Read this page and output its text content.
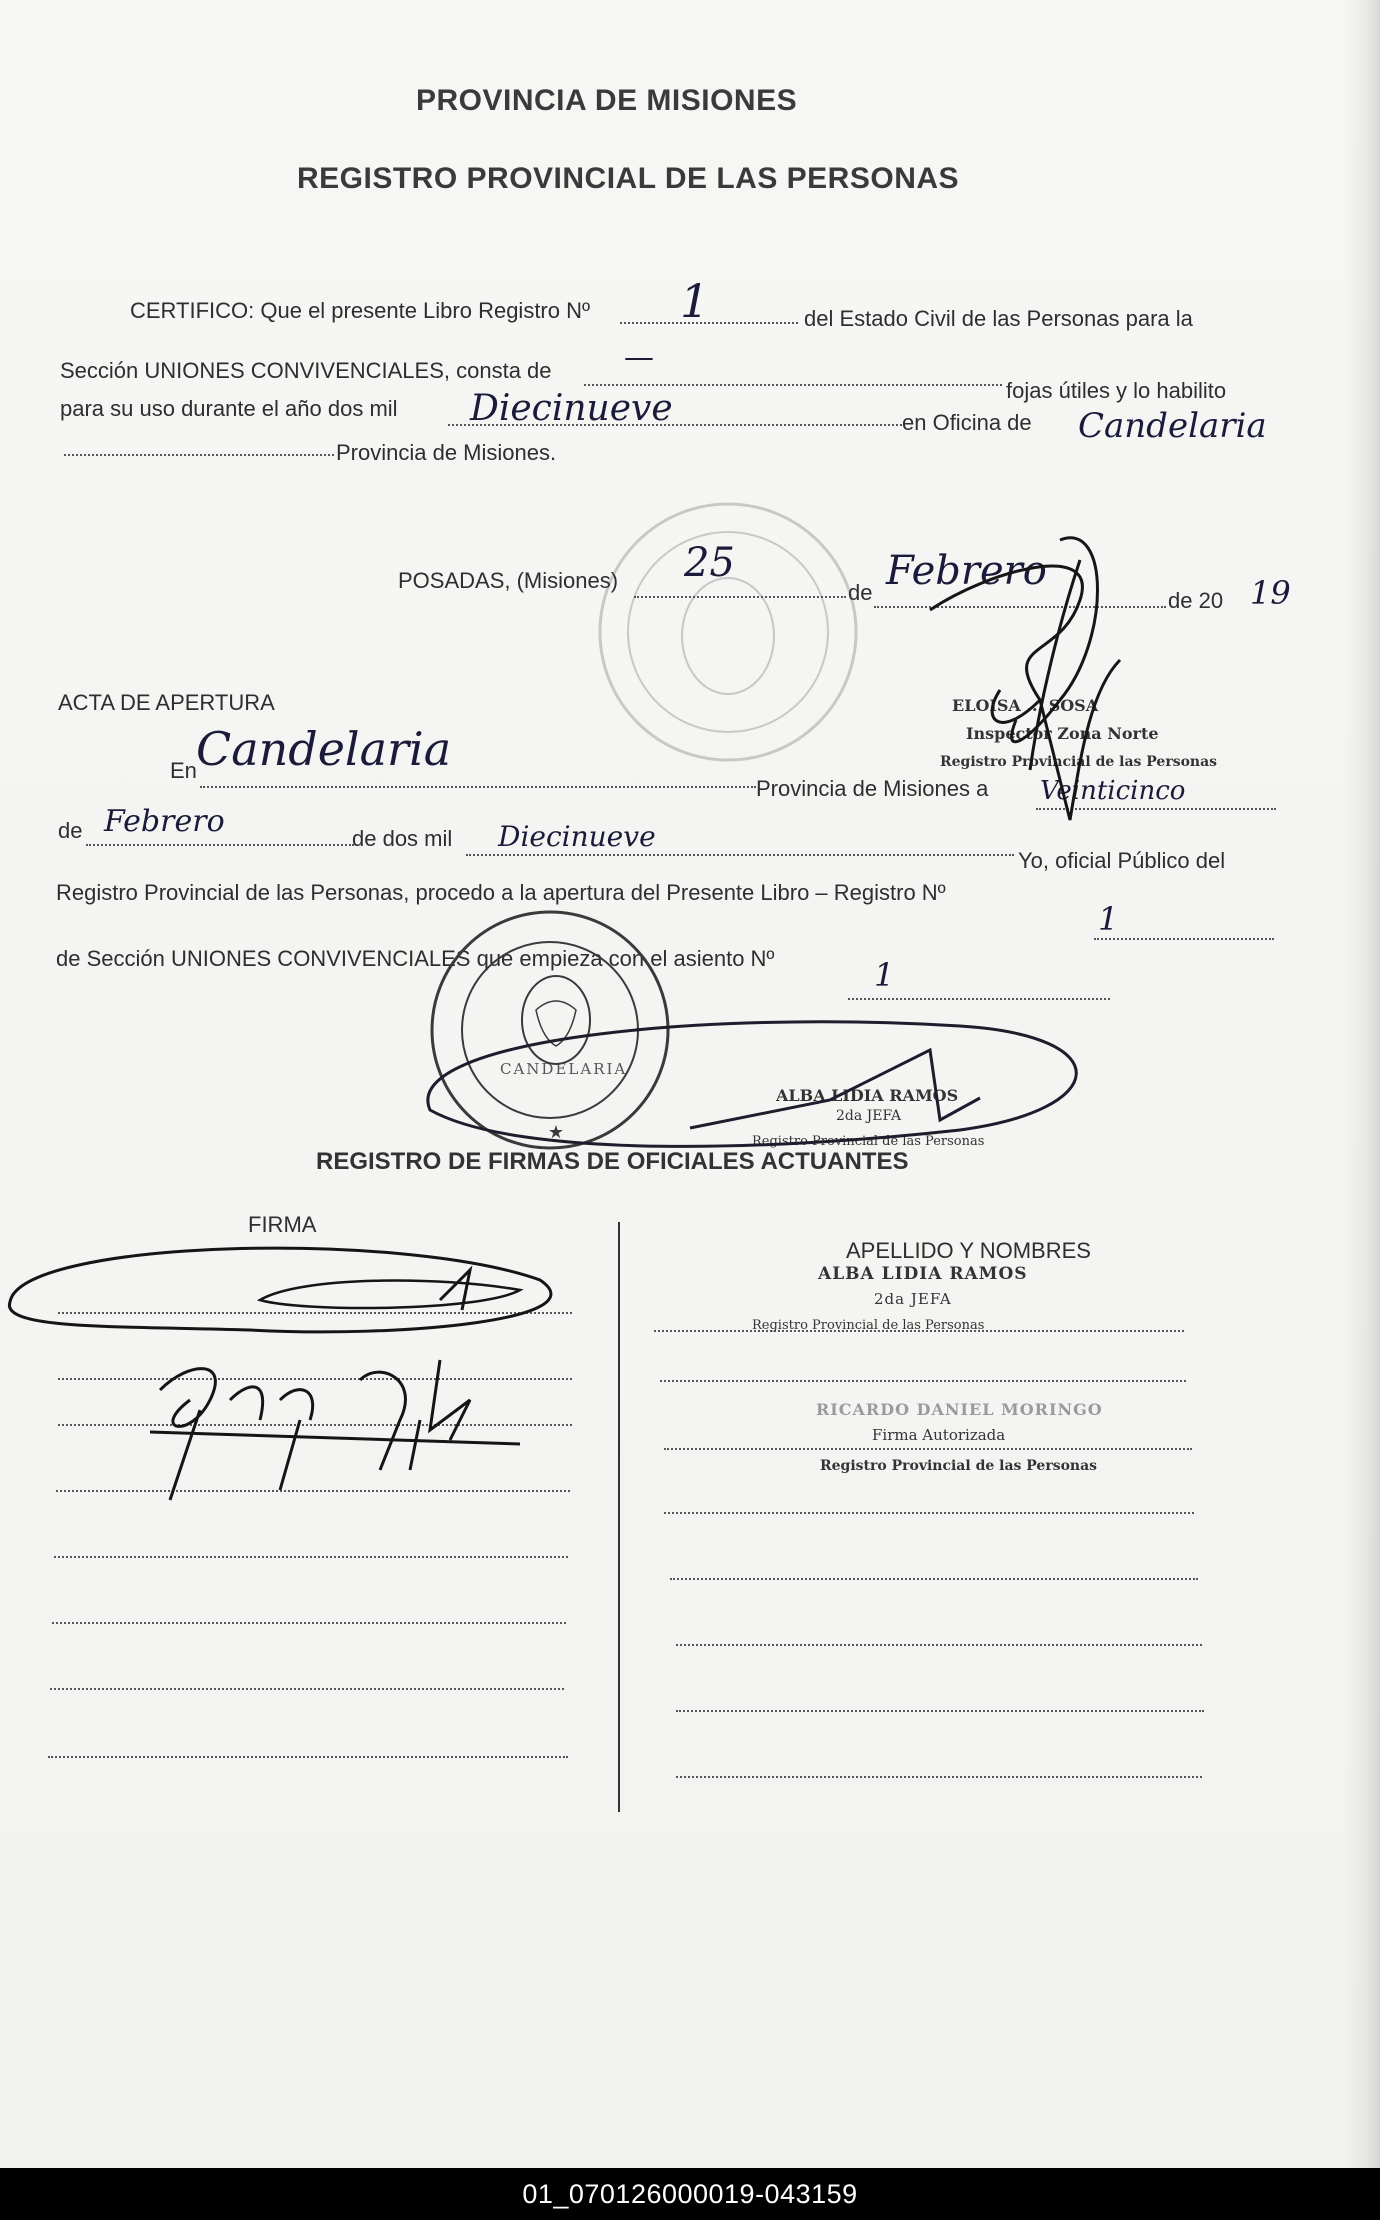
PROVINCIA DE MISIONES
REGISTRO PROVINCIAL DE LAS PERSONAS
CERTIFICO: Que el presente Libro Registro Nº 1	del Estado Civil de las Personas para la
Sección UNIONES CONVIVENCIALES, consta de —
fojas útiles y lo habilito
para su uso durante el año dos mil Diecinueve	en Oficina de Candelaria
Provincia de Misiones.
POSADAS, (Misiones) 25
de Febrero
de 20 19
ACTA DE APERTURA	ELOISA ... SOSA
Inspector Zona Norte
Registro Provincial de las Personas
En Candelaria
Provincia de Misiones a Veinticinco
de Febrero	de dos mil Diecinueve
Yo, oficial Público del
Registro Provincial de las Personas, procedo a la apertura del Presente Libro – Registro Nº
1
de Sección UNIONES CONVIVENCIALES que empieza con el asiento Nº	1
ALBA LIDIA RAMOS
2da JEFA
Registro Provincial de las Personas
CANDELARIA
REGISTRO DE FIRMAS DE OFICIALES ACTUANTES
FIRMA
APELLIDO Y NOMBRES
ALBA LIDIA RAMOS
2da JEFA
Registro Provincial de las Personas
RICARDO DANIEL MORINGO
Firma Autorizada
Registro Provincial de las Personas
★
01_070126000019-043159
